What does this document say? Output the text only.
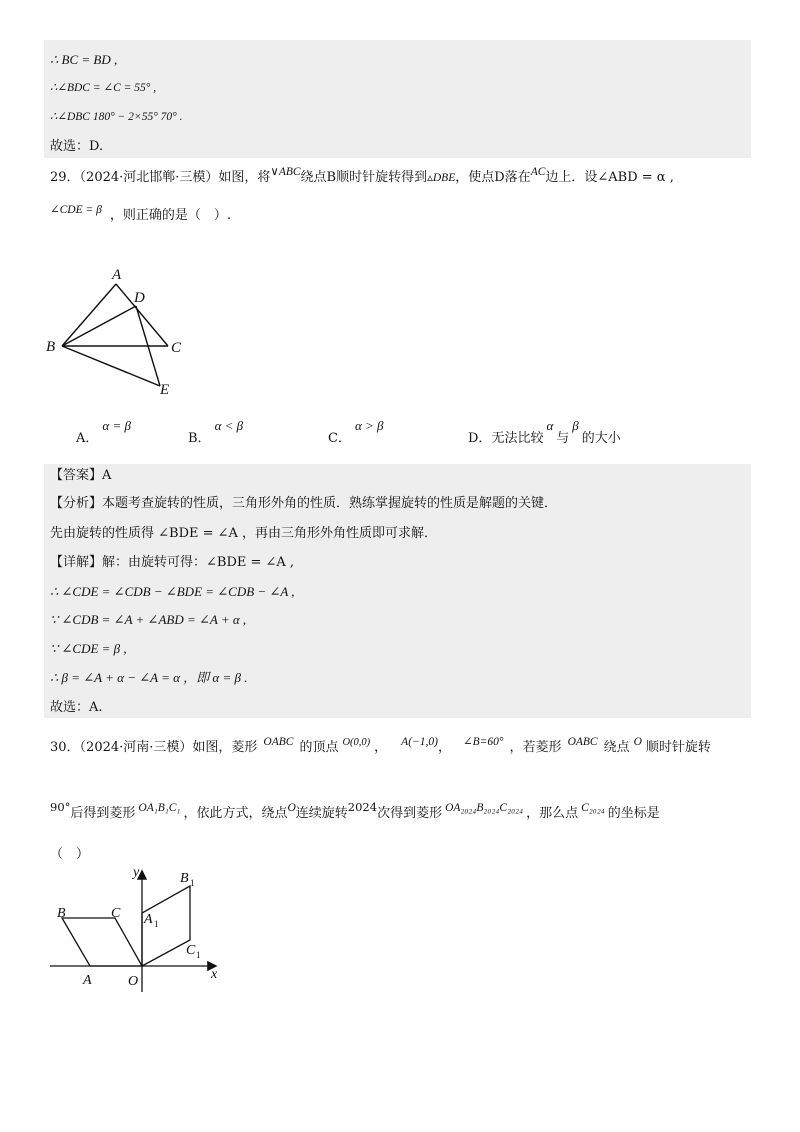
∴ BC = BD ,
∴∠BDC = ∠C = 55° ,
∴∠DBC 180° − 2×55° 70° .
故选：D.
29．（2024·河北邯郸·三模）如图，将∨ABC绕点B顺时针旋转得到▵DBE，使点D落在AC边上．设∠ABD = α ,
∠CDE = β ，则正确的是（　）.
A
D
B	C
E
A．α = β
B．α < β
C．α > β
D．无法比较α与β的大小
【答案】A
【分析】本题考查旋转的性质，三角形外角的性质．熟练掌握旋转的性质是解题的关键．
先由旋转的性质得 ∠BDE = ∠A ，再由三角形外角性质即可求解．
【详解】解：由旋转可得：∠BDE = ∠A ,
∴ ∠CDE = ∠CDB − ∠BDE = ∠CDB − ∠A ,
∵ ∠CDB = ∠A + ∠ABD = ∠A + α ,
∵ ∠CDE = β ,
∴ β = ∠A + α − ∠A = α ，即 α = β .
故选：A.
30．（2024·河南·三模）如图，菱形 OABC 的顶点 $^{O(0,0)}$ ， A(−1,0)， ∠B=60° ，若菱形 OABC 绕点 O 顺时针旋转
90°后得到菱形 OA₁B₁C₁ ，依此方式，绕点O连续旋转2024次得到菱形 OA₂₀₂₄B₂₀₂₄C₂₀₂₄ ，那么点 C₂₀₂₄ 的坐标是
（　）
y
x
O
A
B	C
B 1
A 1
C 1
